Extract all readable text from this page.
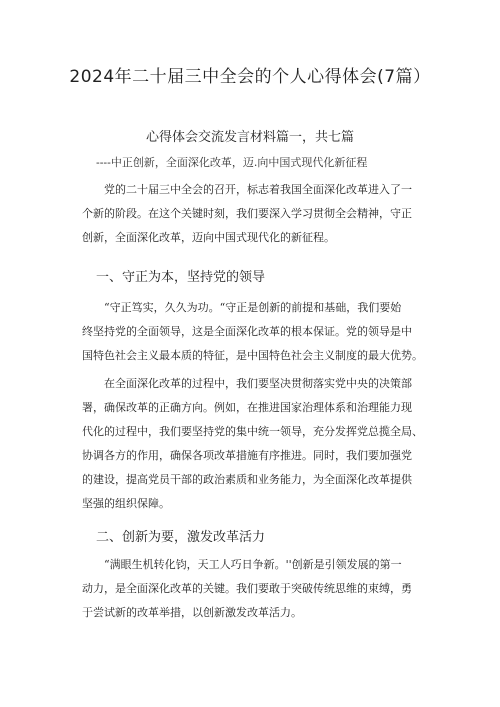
2024年二十届三中全会的个人心得体会(7篇）
心得体会交流发言材料篇一，共七篇
----中正创新，全面深化改革，迈.向中国式现代化新征程
党的二十届三中全会的召开，标志着我国全面深化改革进入了一
个新的阶段。在这个关键时刻，我们要深入学习贯彻全会精神，守正
创新，全面深化改革，迈向中国式现代化的新征程。
一、守正为本，坚持党的领导
“守正笃实，久久为功。“守正是创新的前提和基础，我们要始
终坚持党的全面领导，这是全面深化改革的根本保证。党的领导是中
国特色社会主义最本质的特征，是中国特色社会主义制度的最大优势。
在全面深化改革的过程中，我们要坚决贯彻落实党中央的决策部
署，确保改革的正确方向。例如，在推进国家治理体系和治理能力现
代化的过程中，我们要坚持党的集中统一领导，充分发挥党总揽全局、
协调各方的作用，确保各项改革措施有序推进。同时，我们要加强党
的建设，提高党员干部的政治素质和业务能力，为全面深化改革提供
坚强的组织保障。
二、创新为要，激发改革活力
“满眼生机转化钧，天工人巧日争新。''创新是引领发展的第一
动力，是全面深化改革的关键。我们要敢于突破传统思维的束缚，勇
于尝试新的改革举措，以创新激发改革活力。
